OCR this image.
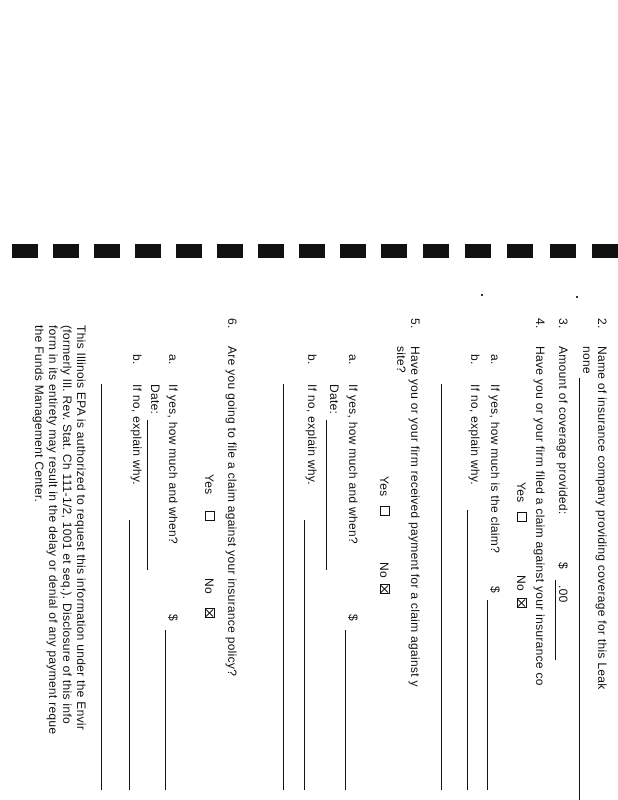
2.
Name of insurance company providing coverage for this Leak
none
3.
Amount of coverage provided:
$
.00
4.
Have you or your firm filed a claim against your insurance co
Yes
No
a.
If yes, how much is the claim?
$
b.
If no, explain why.
5.
Have you or your firm received payment for a claim against y
site?
Yes
No
a.
If yes, how much and when?
$
Date:
b.
If no, explain why.
6.
Are you going to file a claim against your insurance policy?
Yes
No
a.
If yes, how much and when?
$
Date:
b.
If no, explain why.
This Illinois EPA is authorized to request this information under the Envir
(formerly Ill. Rev. Stat. Ch 111-1/2, 1001 et seq.). Disclosure of this info
form in its entirety may result in the delay or denial of any payment reque
the Funds Management Center.
